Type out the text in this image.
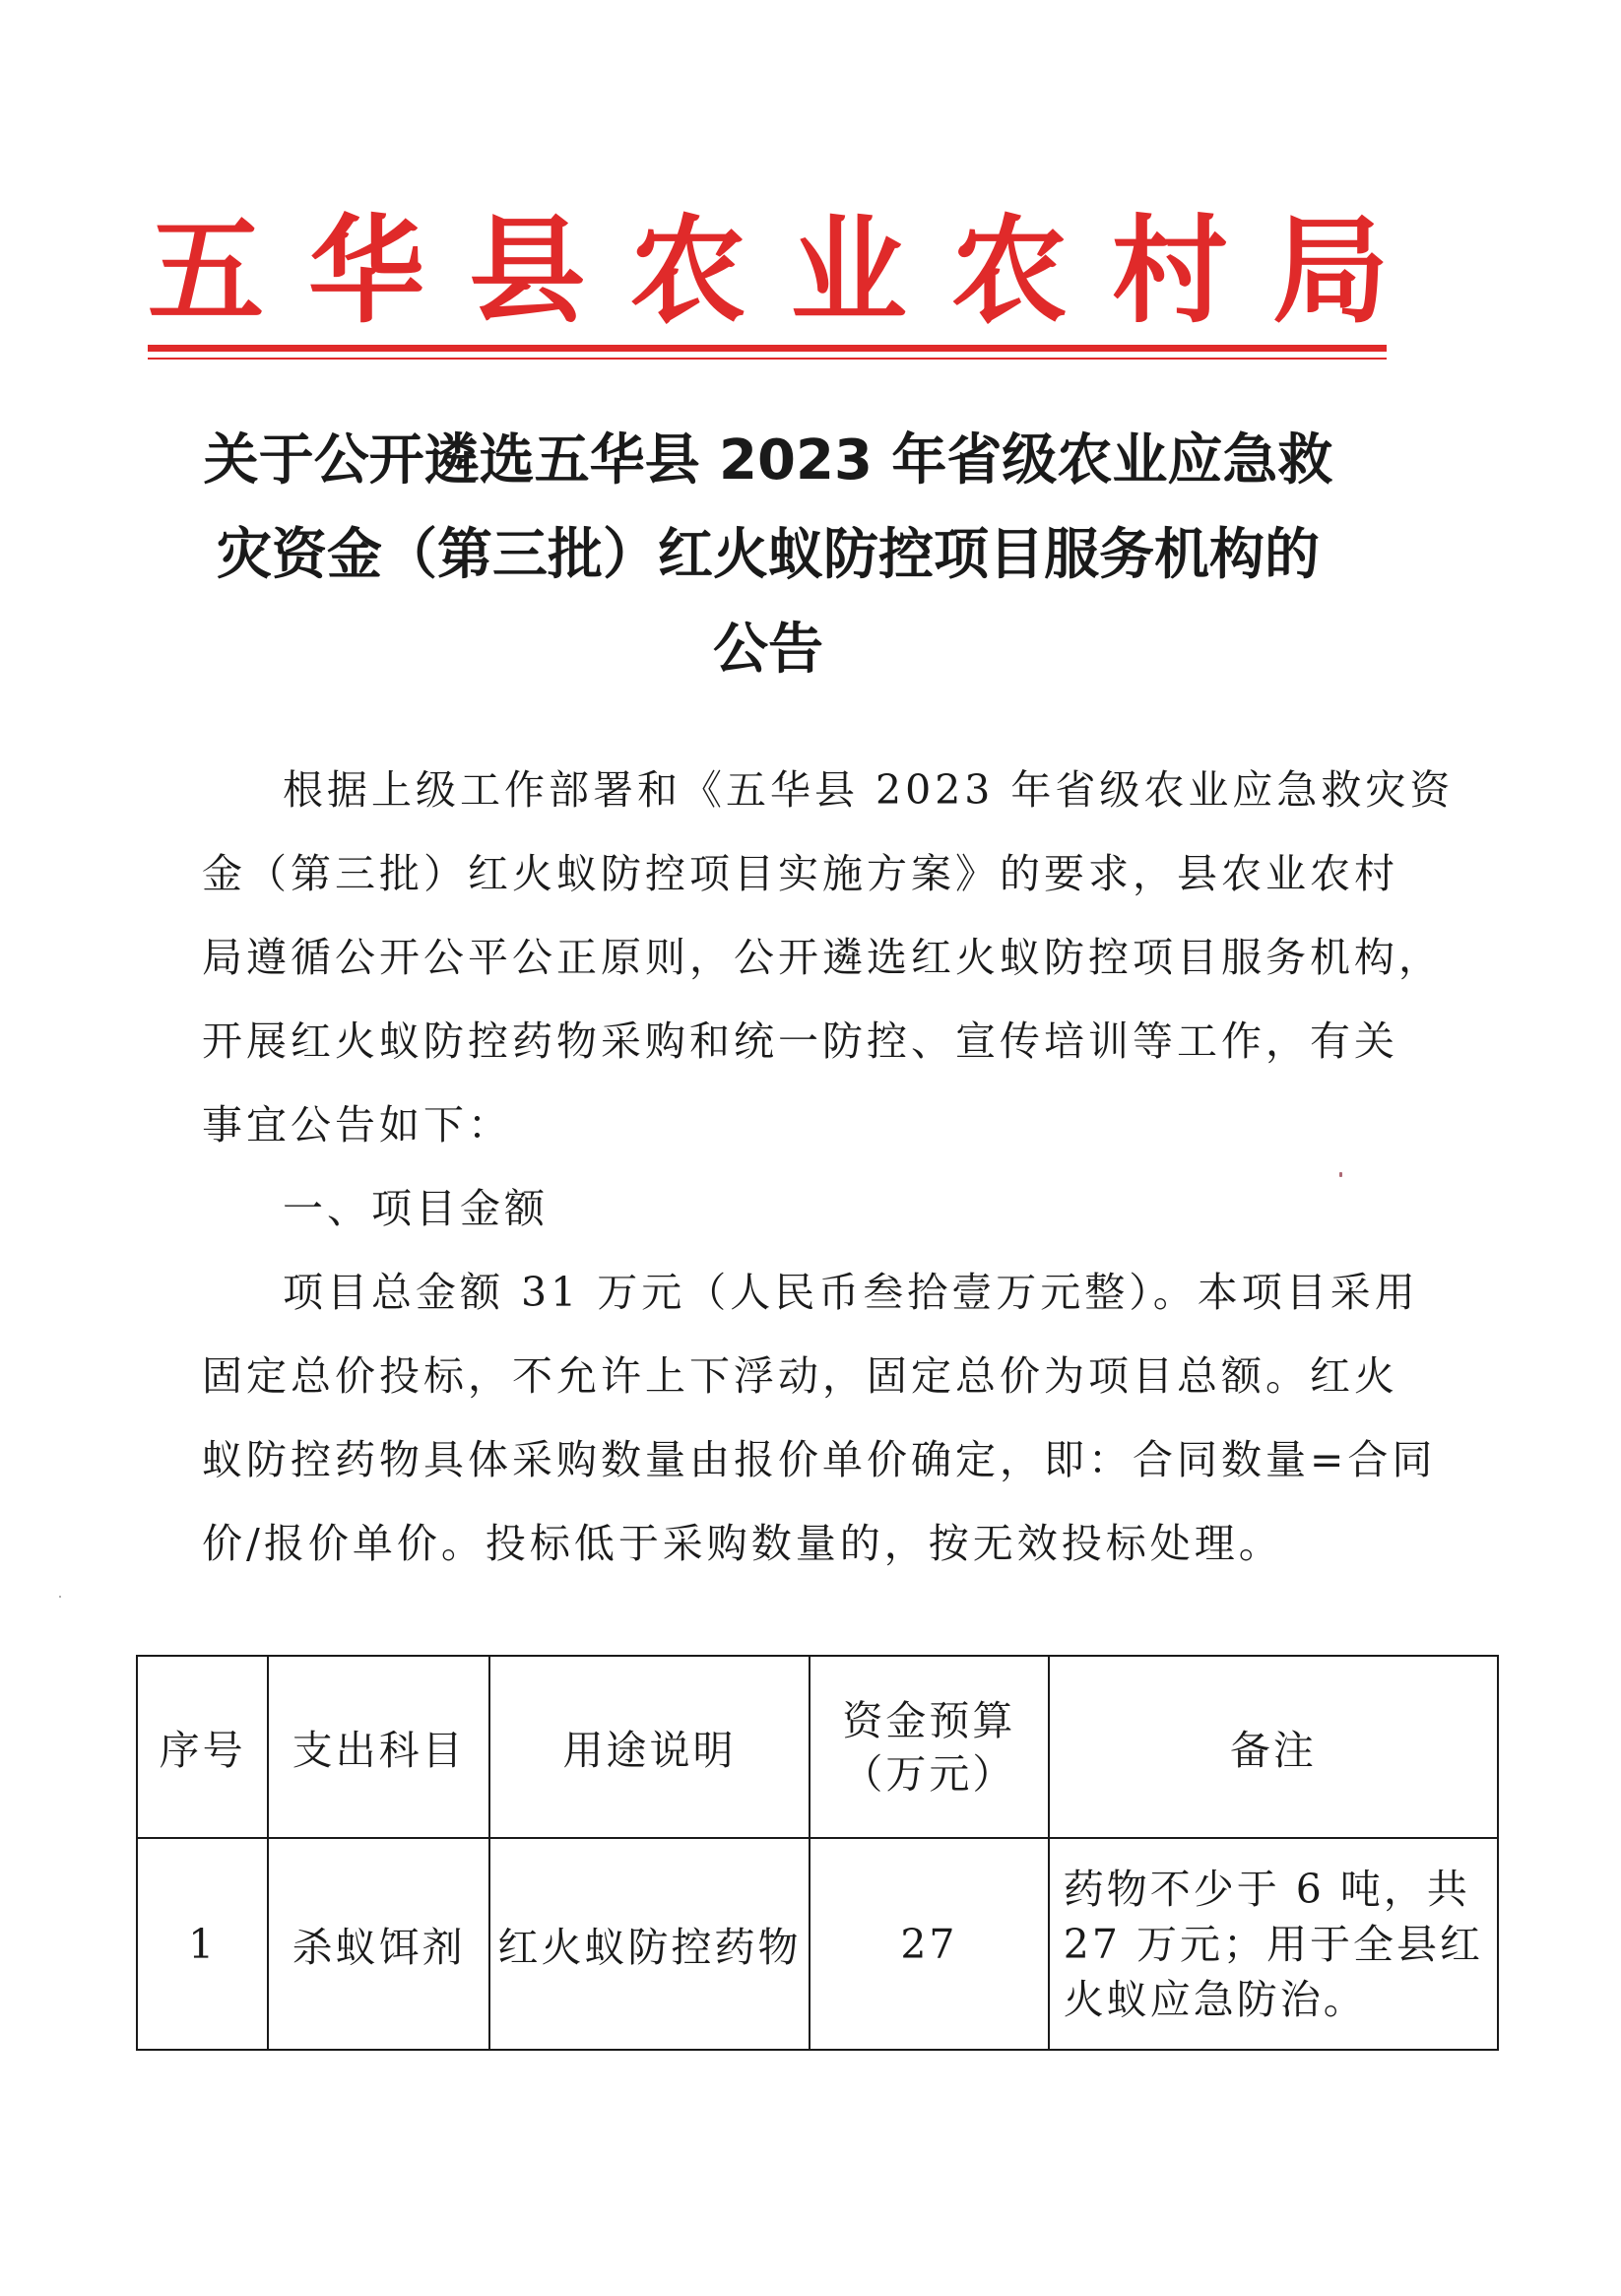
五 华 县 农 业 农 村 局
关于公开遴选五华县 2023 年省级农业应急救
灾资金（第三批）红火蚁防控项目服务机构的
公告

根据上级工作部署和《五华县 2023 年省级农业应急救灾资
金（第三批）红火蚁防控项目实施方案》的要求，县农业农村
局遵循公开公平公正原则，公开遴选红火蚁防控项目服务机构，
开展红火蚁防控药物采购和统一防控、宣传培训等工作，有关
事宜公告如下：

一、项目金额

项目总金额 31 万元（人民币叁拾壹万元整）。本项目采用
固定总价投标，不允许上下浮动，固定总价为项目总额。红火
蚁防控药物具体采购数量由报价单价确定，即：合同数量=合同
价/报价单价。投标低于采购数量的，按无效投标处理。

序号	支出科目	用途说明	资金预算
（万元）	备注
1	杀蚁饵剂	红火蚁防控药物	27	药物不少于 6 吨，共
27 万元；用于全县红
火蚁应急防治。
